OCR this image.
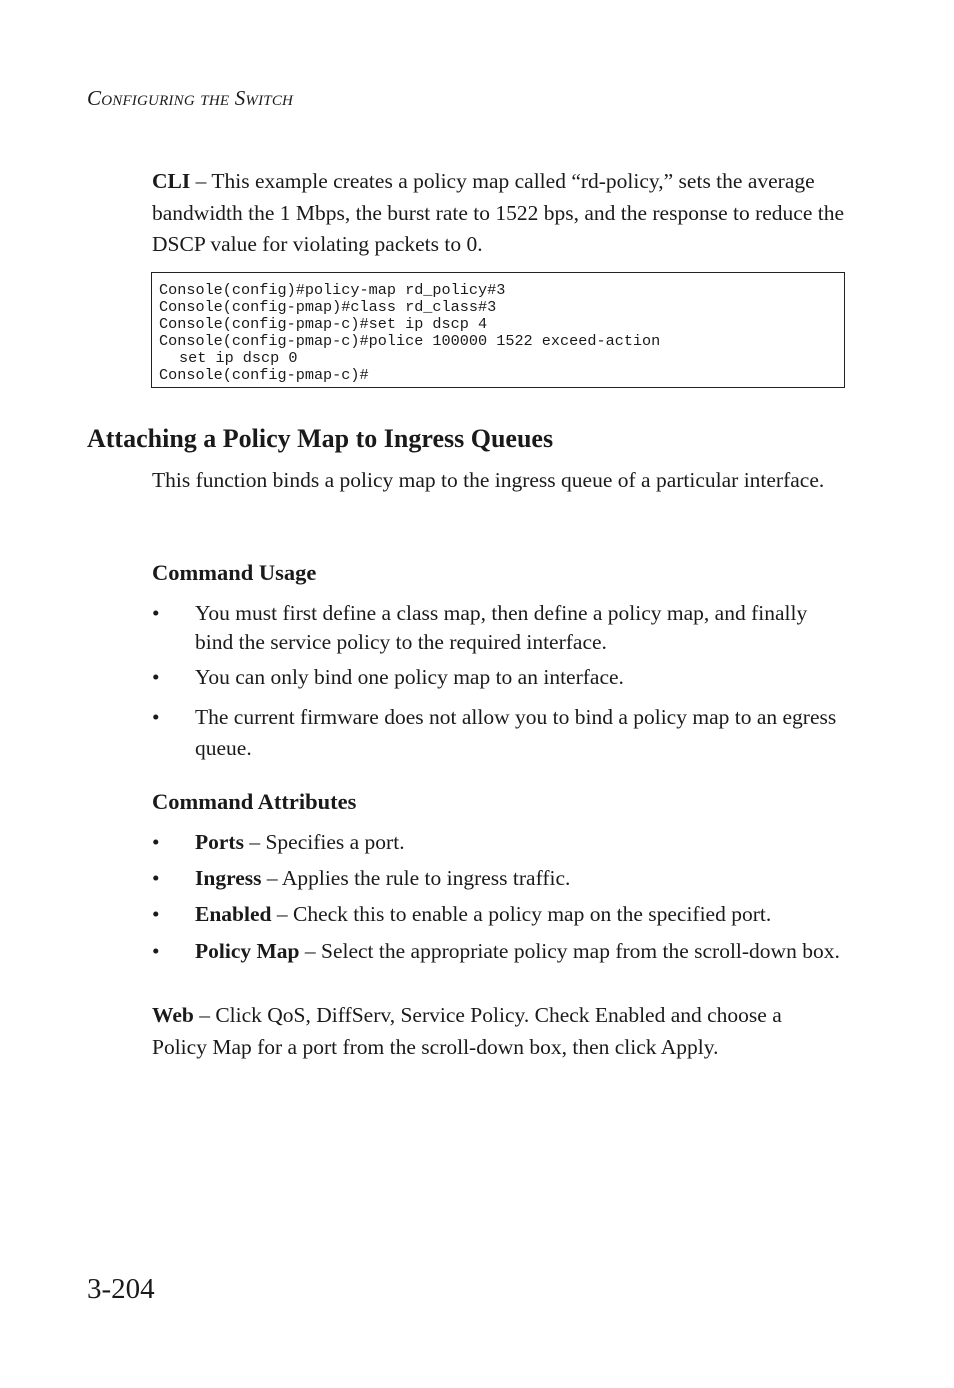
Configuring the Switch

CLI – This example creates a policy map called “rd-policy,” sets the average bandwidth the 1 Mbps, the burst rate to 1522 bps, and the response to reduce the DSCP value for violating packets to 0.

Console(config)#policy-map rd_policy#3
Console(config-pmap)#class rd_class#3
Console(config-pmap-c)#set ip dscp 4
Console(config-pmap-c)#police 100000 1522 exceed-action
set ip dscp 0
Console(config-pmap-c)#
Attaching a Policy Map to Ingress Queues

This function binds a policy map to the ingress queue of a particular interface.

Command Usage
• You must first define a class map, then define a policy map, and finally bind the service policy to the required interface.
• You can only bind one policy map to an interface.
• The current firmware does not allow you to bind a policy map to an egress queue.
Command Attributes
• Ports – Specifies a port.
• Ingress – Applies the rule to ingress traffic.
• Enabled – Check this to enable a policy map on the specified port.
• Policy Map – Select the appropriate policy map from the scroll-down box.

Web – Click QoS, DiffServ, Service Policy. Check Enabled and choose a Policy Map for a port from the scroll-down box, then click Apply.

3-204
